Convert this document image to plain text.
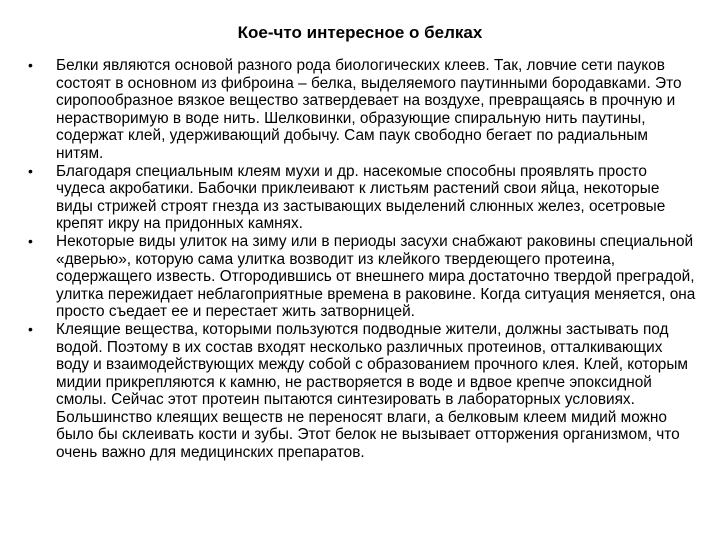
Кое-что интересное о белках
•	Белки являются основой разного рода биологических клеев. Так, ловчие сети пауков состоят в основном из фиброина – белка, выделяемого паутинными бородавками. Это сиропообразное вязкое вещество затвердевает на воздухе, превращаясь в прочную и нерастворимую в воде нить. Шелковинки, образующие спиральную нить паутины, содержат клей, удерживающий добычу. Сам паук свободно бегает по радиальным нитям.
•	Благодаря специальным клеям мухи и др. насекомые способны проявлять просто чудеса акробатики. Бабочки приклеивают к листьям растений свои яйца, некоторые виды стрижей строят гнезда из застывающих выделений слюнных желез, осетровые крепят икру на придонных камнях.
•	Некоторые виды улиток на зиму или в периоды засухи снабжают раковины специальной «дверью», которую сама улитка возводит из клейкого твердеющего протеина, содержащего известь. Отгородившись от внешнего мира достаточно твердой преградой, улитка пережидает неблагоприятные времена в раковине. Когда ситуация меняется, она просто съедает ее и перестает жить затворницей.
•	Клеящие вещества, которыми пользуются подводные жители, должны застывать под водой. Поэтому в их состав входят несколько различных протеинов, отталкивающих воду и взаимодействующих между собой с образованием прочного клея. Клей, которым мидии прикрепляются к камню, не растворяется в воде и вдвое крепче эпоксидной смолы. Сейчас этот протеин пытаются синтезировать в лабораторных условиях. Большинство клеящих веществ не переносят влаги, а белковым клеем мидий можно было бы склеивать кости и зубы. Этот белок не вызывает отторжения организмом, что очень важно для медицинских препаратов.
